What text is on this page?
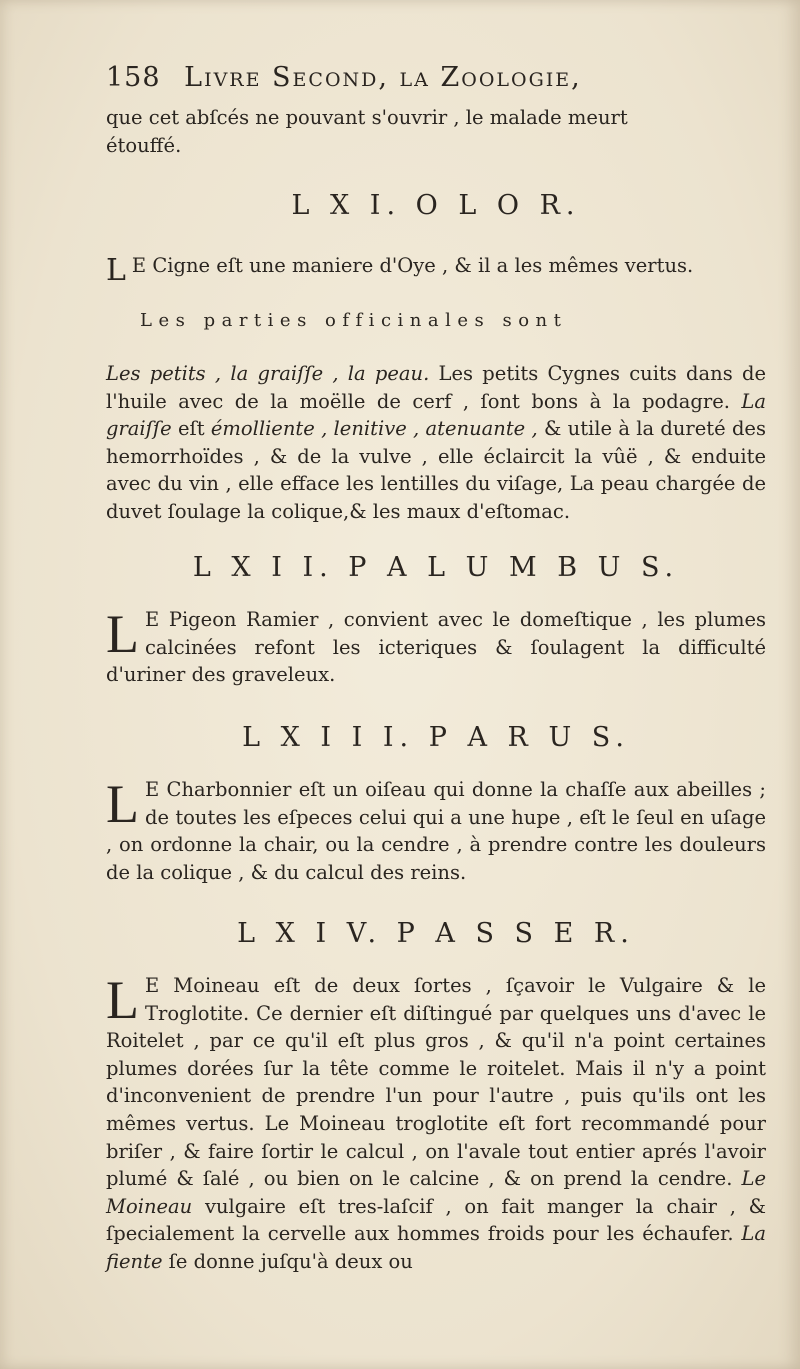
158 Livre Second, la Zoologie,
que cet abſcés ne pouvant s'ouvrir , le malade meurt
étouffé.
L X I. O L O R.
L E Cigne eſt une maniere d'Oye , & il a les mêmes vertus.
Les parties officinales sont
Les petits , la graiſſe , la peau. Les petits Cygnes cuits dans de l'huile avec de la moëlle de cerf , ſont bons à la podagre. La graiſſe eſt émolliente , lenitive , atenuante , & utile à la dureté des hemorrhoïdes , & de la vulve , elle éclaircit la vûë , & enduite avec du vin , elle efface les lentilles du viſage, La peau chargée de duvet ſoulage la colique,& les maux d'eſtomac.
L X I I. P A L U M B U S.
L E Pigeon Ramier , convient avec le domeſtique , les plumes calcinées refont les icteriques & ſoulagent la difficulté d'uriner des graveleux.
L X I I I. P A R U S.
L E Charbonnier eſt un oiſeau qui donne la chaſſe aux abeilles ; de toutes les eſpeces celui qui a une hupe , eſt le ſeul en uſage , on ordonne la chair, ou la cendre , à prendre contre les douleurs de la colique , & du calcul des reins.
L X I V. P A S S E R.
L E Moineau eſt de deux ſortes , ſçavoir le Vulgaire & le Troglotite. Ce dernier eſt diſtingué par quelques uns d'avec le Roitelet , par ce qu'il eſt plus gros , & qu'il n'a point certaines plumes dorées ſur la tête comme le roitelet. Mais il n'y a point d'inconvenient de prendre l'un pour l'autre , puis qu'ils ont les mêmes vertus. Le Moineau troglotite eſt fort recommandé pour briſer , & faire ſortir le calcul , on l'avale tout entier aprés l'avoir plumé & ſalé , ou bien on le calcine , & on prend la cendre. Le Moineau vulgaire eſt tres-laſcif , on fait manger la chair , & ſpecialement la cervelle aux hommes froids pour les échaufer. La fiente ſe donne juſqu'à deux ou
